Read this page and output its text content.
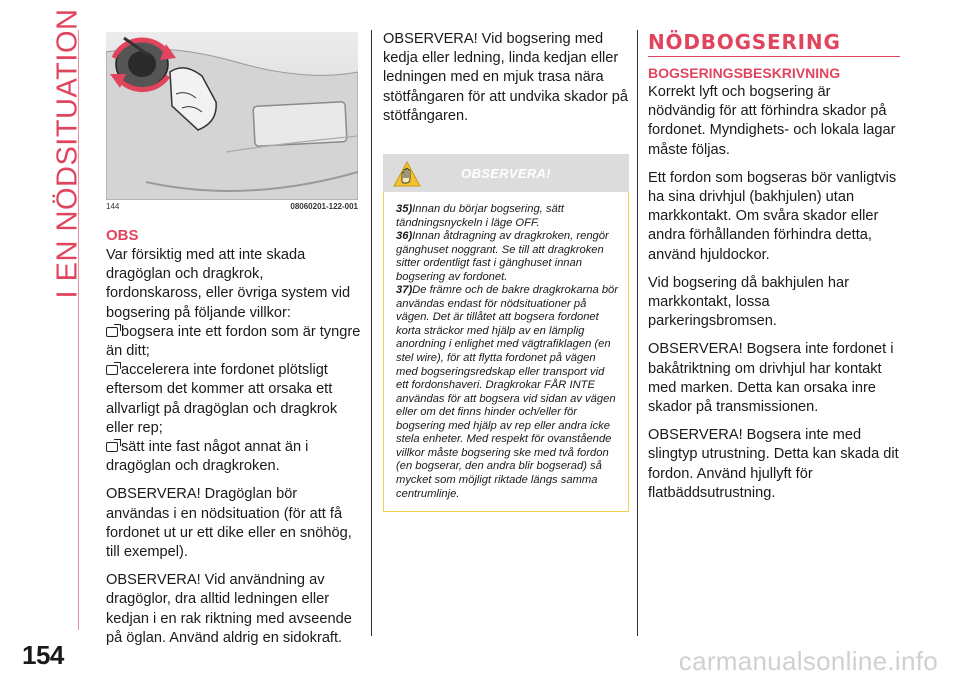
I EN NÖDSITUATION
154
144	08060201-122-001
OBS
Var försiktig med att inte skada dragöglan och dragkrok, fordonskaross, eller övriga system vid bogsering på följande villkor:
bogsera inte ett fordon som är tyngre än ditt;
accelerera inte fordonet plötsligt eftersom det kommer att orsaka ett allvarligt på dragöglan och dragkrok eller rep;
sätt inte fast något annat än i dragöglan och dragkroken.

OBSERVERA! Dragöglan bör användas i en nödsituation (för att få fordonet ut ur ett dike eller en snöhög, till exempel).

OBSERVERA! Vid användning av dragöglor, dra alltid ledningen eller kedjan i en rak riktning med avseende på öglan. Använd aldrig en sidokraft.

OBSERVERA! Vid bogsering med kedja eller ledning, linda kedjan eller ledningen med en mjuk trasa nära stötfångaren för att undvika skador på stötfångaren.
OBSERVERA!
35)Innan du börjar bogsering, sätt tändningsnyckeln i läge OFF.
36)Innan åtdragning av dragkroken, rengör gänghuset noggrant. Se till att dragkroken sitter ordentligt fast i gänghuset innan bogsering av fordonet.
37)De främre och de bakre dragkrokarna bör användas endast för nödsituationer på vägen. Det är tillåtet att bogsera fordonet korta sträckor med hjälp av en lämplig anordning i enlighet med vägtrafiklagen (en stel wire), för att flytta fordonet på vägen med bogseringsredskap eller transport vid ett fordonshaveri. Dragkrokar FÅR INTE användas för att bogsera vid sidan av vägen eller om det finns hinder och/eller för bogsering med hjälp av rep eller andra icke stela enheter. Med respekt för ovanstående villkor måste bogsering ske med två fordon (en bogserar, den andra blir bogserad) så mycket som möjligt riktade längs samma centrumlinje.
NÖDBOGSERING
BOGSERINGSBESKRIVNING

Korrekt lyft och bogsering är nödvändig för att förhindra skador på fordonet. Myndighets- och lokala lagar måste följas.

Ett fordon som bogseras bör vanligtvis ha sina drivhjul (bakhjulen) utan markkontakt. Om svåra skador eller andra förhållanden förhindra detta, använd hjuldockor.

Vid bogsering då bakhjulen har markkontakt, lossa parkeringsbromsen.

OBSERVERA! Bogsera inte fordonet i bakåtriktning om drivhjul har kontakt med marken. Detta kan orsaka inre skador på transmissionen.

OBSERVERA! Bogsera inte med slingtyp utrustning. Detta kan skada dit fordon. Använd hjullyft för flatbäddsutrustning.

carmanualsonline.info
